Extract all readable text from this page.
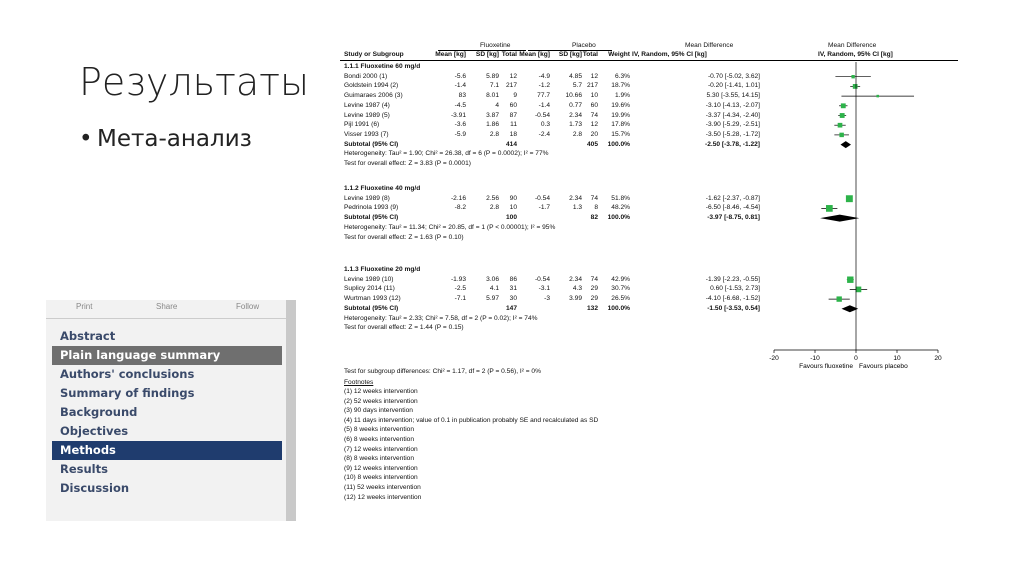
Результаты
• Мета-анализ
Print	Share	Follow
Abstract
Plain language summary
Authors' conclusions
Summary of findings
Background
Objectives
Methods
Results
Discussion
Fluoxetine	Placebo	Mean Difference	Mean Difference
Study or Subgroup	Mean [kg]	SD [kg] Total Mean [kg]	SD [kg] Total	Weight IV, Random, 95% CI [kg]	IV, Random, 95% CI [kg]
-20	-10	0	10	20
Favours fluoxetine Favours placebo
1.1.1 Fluoxetine 60 mg/d
Bondi 2000 (1)	-5.6	5.89	12	-4.9	4.85	12	6.3%	-0.70 [-5.02, 3.62]
Goldstein 1994 (2)	-1.4	7.1	217	-1.2	5.7 217	18.7%	-0.20 [-1.41, 1.01]
Guimaraes 2006 (3)	83	8.01	9	77.7	10.66	10	1.9%	5.30 [-3.55, 14.15]
Levine 1987 (4)	-4.5	4	60	-1.4	0.77	60	19.6%	-3.10 [-4.13, -2.07]
Levine 1989 (5)	-3.91	3.87	87	-0.54	2.34	74	19.9%	-3.37 [-4.34, -2.40]
Pijl 1991 (6)	-3.6	1.86	11	0.3	1.73	12	17.8%	-3.90 [-5.29, -2.51]
Visser 1993 (7)	-5.9	2.8	18	-2.4	2.8	20	15.7%	-3.50 [-5.28, -1.72]
Subtotal (95% CI)	414	405	100.0%	-2.50 [-3.78, -1.22]
Heterogeneity: Tau² = 1.90; Chi² = 26.38, df = 6 (P = 0.0002); I² = 77%
Test for overall effect: Z = 3.83 (P = 0.0001)
1.1.2 Fluoxetine 40 mg/d
Levine 1989 (8)	-2.16	2.56	90	-0.54	2.34	74	51.8%	-1.62 [-2.37, -0.87]
Pedrinola 1993 (9)	-8.2	2.8	10	-1.7	1.3	8	48.2%	-6.50 [-8.46, -4.54]
Subtotal (95% CI)	100	82	100.0%	-3.97 [-8.75, 0.81]
Heterogeneity: Tau² = 11.34; Chi² = 20.85, df = 1 (P < 0.00001); I² = 95%
Test for overall effect: Z = 1.63 (P = 0.10)
1.1.3 Fluoxetine 20 mg/d
Levine 1989 (10)	-1.93	3.06	86	-0.54	2.34	74	42.9%	-1.39 [-2.23, -0.55]
Suplicy 2014 (11)	-2.5	4.1	31	-3.1	4.3	29	30.7%	0.60 [-1.53, 2.73]
Wurtman 1993 (12)	-7.1	5.97	30	-3	3.99	29	26.5%	-4.10 [-6.68, -1.52]
Subtotal (95% CI)	147	132	100.0%	-1.50 [-3.53, 0.54]
Heterogeneity: Tau² = 2.33; Chi² = 7.58, df = 2 (P = 0.02); I² = 74%
Test for overall effect: Z = 1.44 (P = 0.15)
Test for subgroup differences: Chi² = 1.17, df = 2 (P = 0.56), I² = 0%
Footnotes
(1) 12 weeks intervention
(2) 52 weeks intervention
(3) 90 days intervention
(4) 11 days intervention; value of 0.1 in publication probably SE and recalculated as SD
(5) 8 weeks intervention
(6) 8 weeks intervention
(7) 12 weeks intervention
(8) 8 weeks intervention
(9) 12 weeks intervention
(10) 8 weeks intervention
(11) 52 weeks intervention
(12) 12 weeks intervention
